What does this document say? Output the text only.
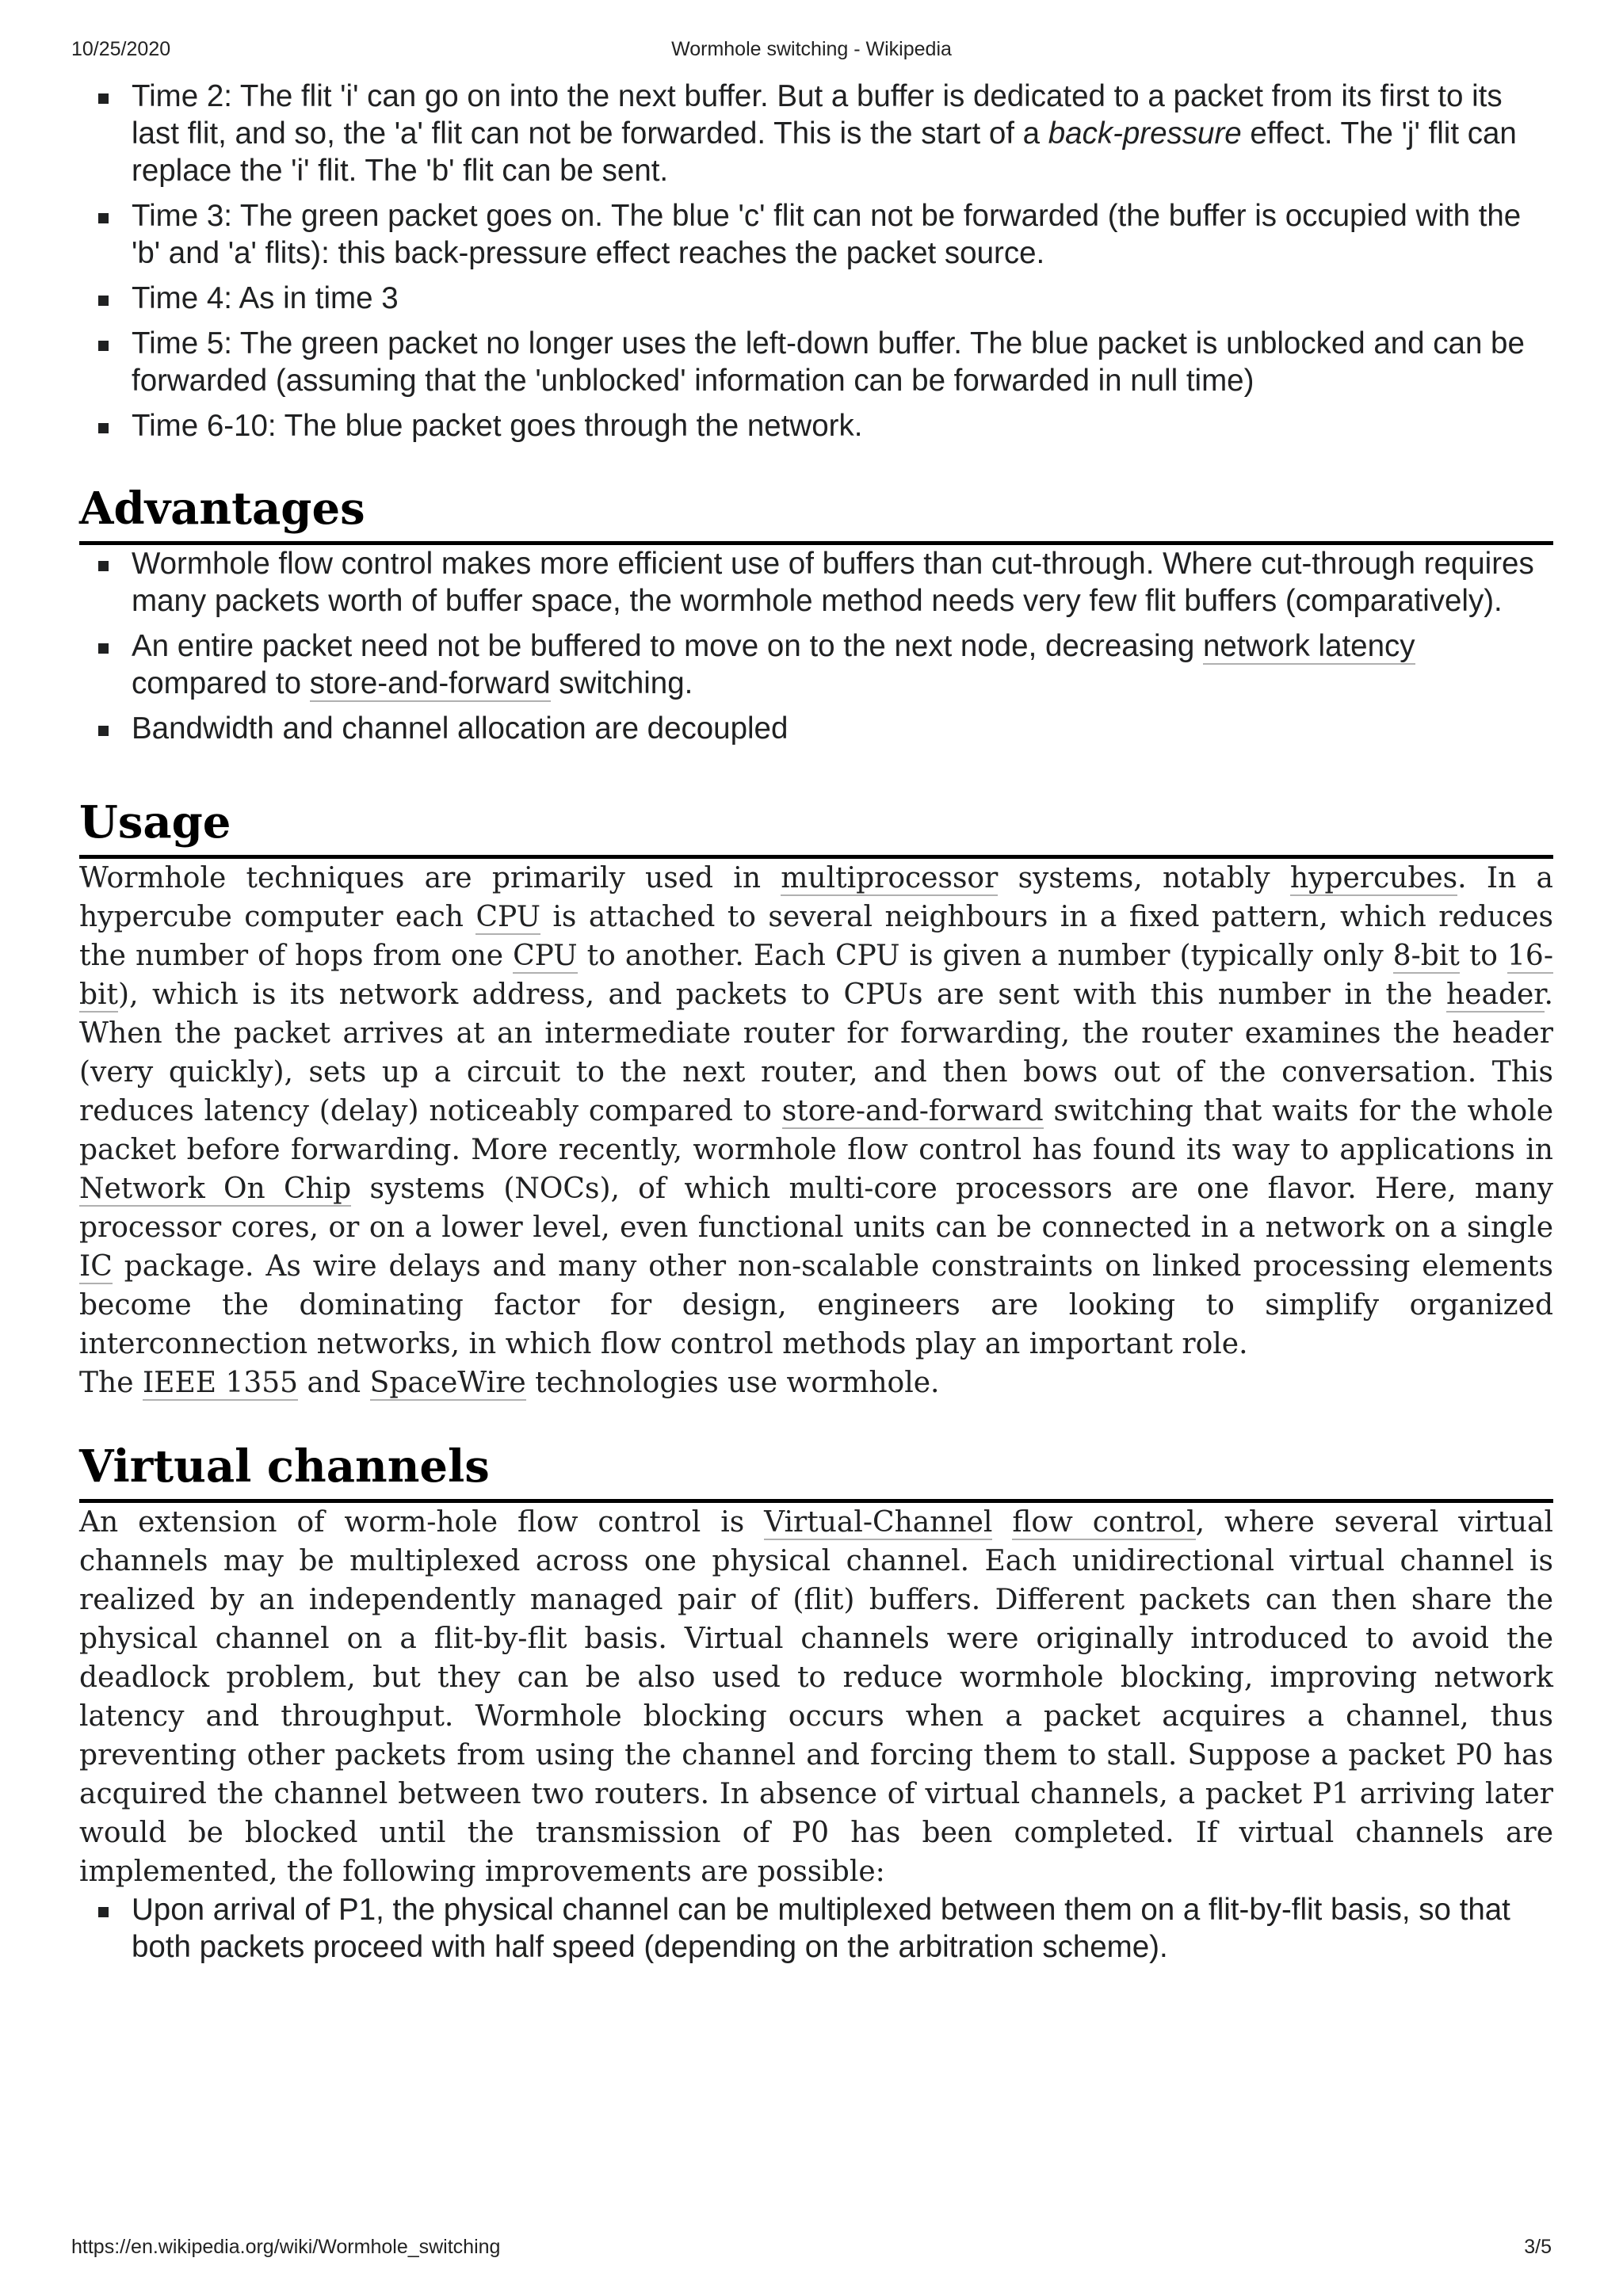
10/25/2020	Wormhole switching - Wikipedia
Time 2: The flit 'i' can go on into the next buffer. But a buffer is dedicated to a packet from its first to its last flit, and so, the 'a' flit can not be forwarded. This is the start of a back-pressure effect. The 'j' flit can replace the 'i' flit. The 'b' flit can be sent.
Time 3: The green packet goes on. The blue 'c' flit can not be forwarded (the buffer is occupied with the 'b' and 'a' flits): this back-pressure effect reaches the packet source.
Time 4: As in time 3
Time 5: The green packet no longer uses the left-down buffer. The blue packet is unblocked and can be forwarded (assuming that the 'unblocked' information can be forwarded in null time)
Time 6-10: The blue packet goes through the network.
Advantages
Wormhole flow control makes more efficient use of buffers than cut-through. Where cut-through requires many packets worth of buffer space, the wormhole method needs very few flit buffers (comparatively).
An entire packet need not be buffered to move on to the next node, decreasing network latency compared to store-and-forward switching.
Bandwidth and channel allocation are decoupled
Usage

Wormhole techniques are primarily used in multiprocessor systems, notably hypercubes. In a hypercube computer each CPU is attached to several neighbours in a fixed pattern, which reduces the number of hops from one CPU to another. Each CPU is given a number (typically only 8-bit to 16-bit), which is its network address, and packets to CPUs are sent with this number in the header. When the packet arrives at an intermediate router for forwarding, the router examines the header (very quickly), sets up a circuit to the next router, and then bows out of the conversation. This reduces latency (delay) noticeably compared to store-and-forward switching that waits for the whole packet before forwarding. More recently, wormhole flow control has found its way to applications in Network On Chip systems (NOCs), of which multi-core processors are one flavor. Here, many processor cores, or on a lower level, even functional units can be connected in a network on a single IC package. As wire delays and many other non-scalable constraints on linked processing elements become the dominating factor for design, engineers are looking to simplify organized interconnection networks, in which flow control methods play an important role.

The IEEE 1355 and SpaceWire technologies use wormhole.

Virtual channels

An extension of worm-hole flow control is Virtual-Channel flow control, where several virtual channels may be multiplexed across one physical channel. Each unidirectional virtual channel is realized by an independently managed pair of (flit) buffers. Different packets can then share the physical channel on a flit-by-flit basis. Virtual channels were originally introduced to avoid the deadlock problem, but they can be also used to reduce wormhole blocking, improving network latency and throughput. Wormhole blocking occurs when a packet acquires a channel, thus preventing other packets from using the channel and forcing them to stall. Suppose a packet P0 has acquired the channel between two routers. In absence of virtual channels, a packet P1 arriving later would be blocked until the transmission of P0 has been completed. If virtual channels are implemented, the following improvements are possible:

Upon arrival of P1, the physical channel can be multiplexed between them on a flit-by-flit basis, so that both packets proceed with half speed (depending on the arbitration scheme).
https://en.wikipedia.org/wiki/Wormhole_switching	3/5
